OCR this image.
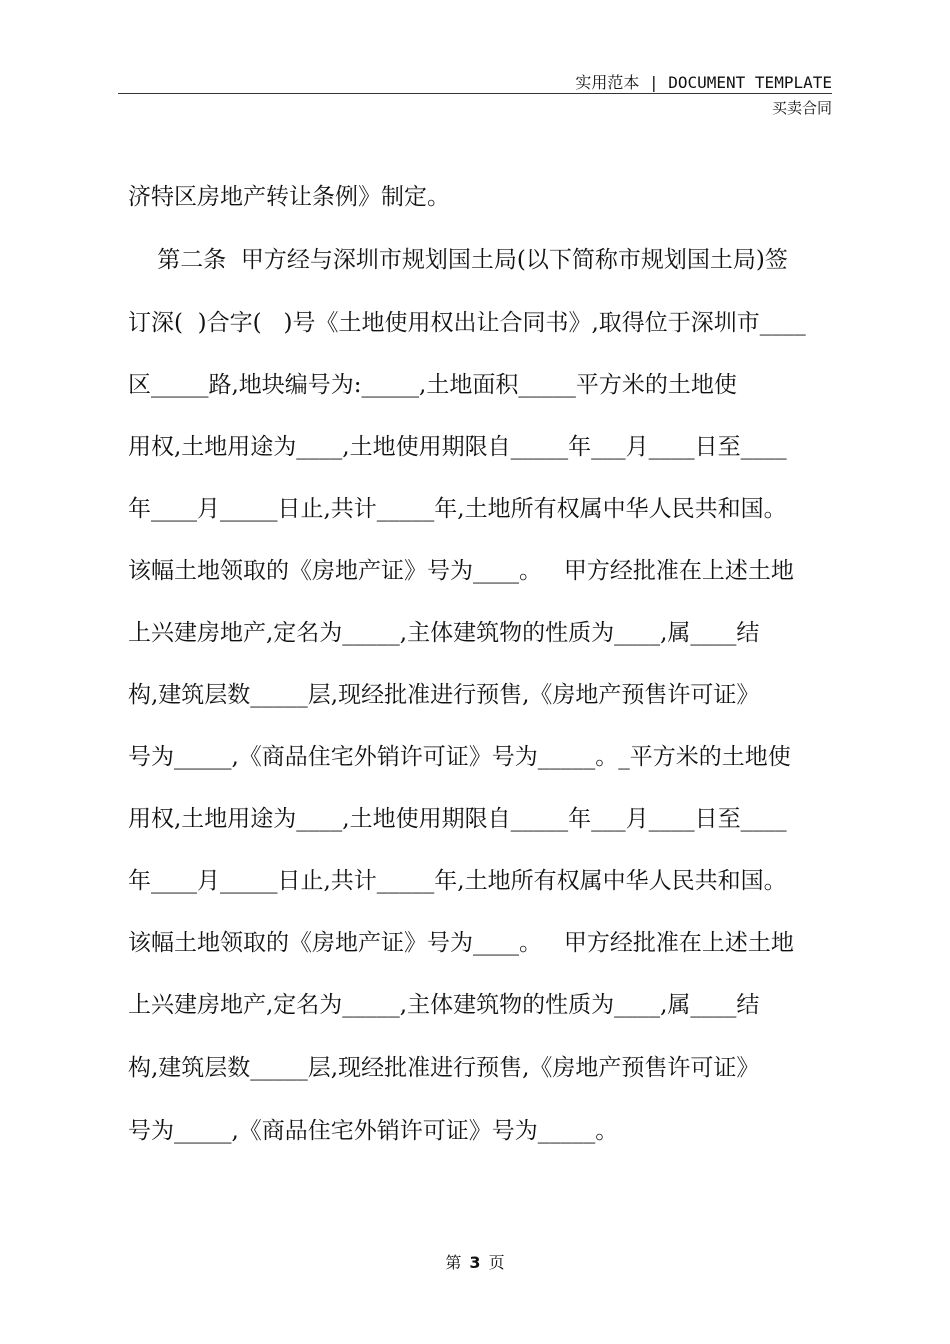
实用范本 | DOCUMENT TEMPLATE
买卖合同
济特区房地产转让条例》制定。
第二条  甲方经与深圳市规划国土局(以下简称市规划国土局)签
订深(  )合字(   )号《土地使用权出让合同书》,取得位于深圳市____
区_____路,地块编号为:_____,土地面积_____平方米的土地使
用权,土地用途为____,土地使用期限自_____年___月____日至____
年____月_____日止,共计_____年,土地所有权属中华人民共和国。
该幅土地领取的《房地产证》号为____。   甲方经批准在上述土地
上兴建房地产,定名为_____,主体建筑物的性质为____,属____结
构,建筑层数_____层,现经批准进行预售,《房地产预售许可证》
号为_____,《商品住宅外销许可证》号为_____。_平方米的土地使
用权,土地用途为____,土地使用期限自_____年___月____日至____
年____月_____日止,共计_____年,土地所有权属中华人民共和国。
该幅土地领取的《房地产证》号为____。   甲方经批准在上述土地
上兴建房地产,定名为_____,主体建筑物的性质为____,属____结
构,建筑层数_____层,现经批准进行预售,《房地产预售许可证》
号为_____,《商品住宅外销许可证》号为_____。
第 3 页
